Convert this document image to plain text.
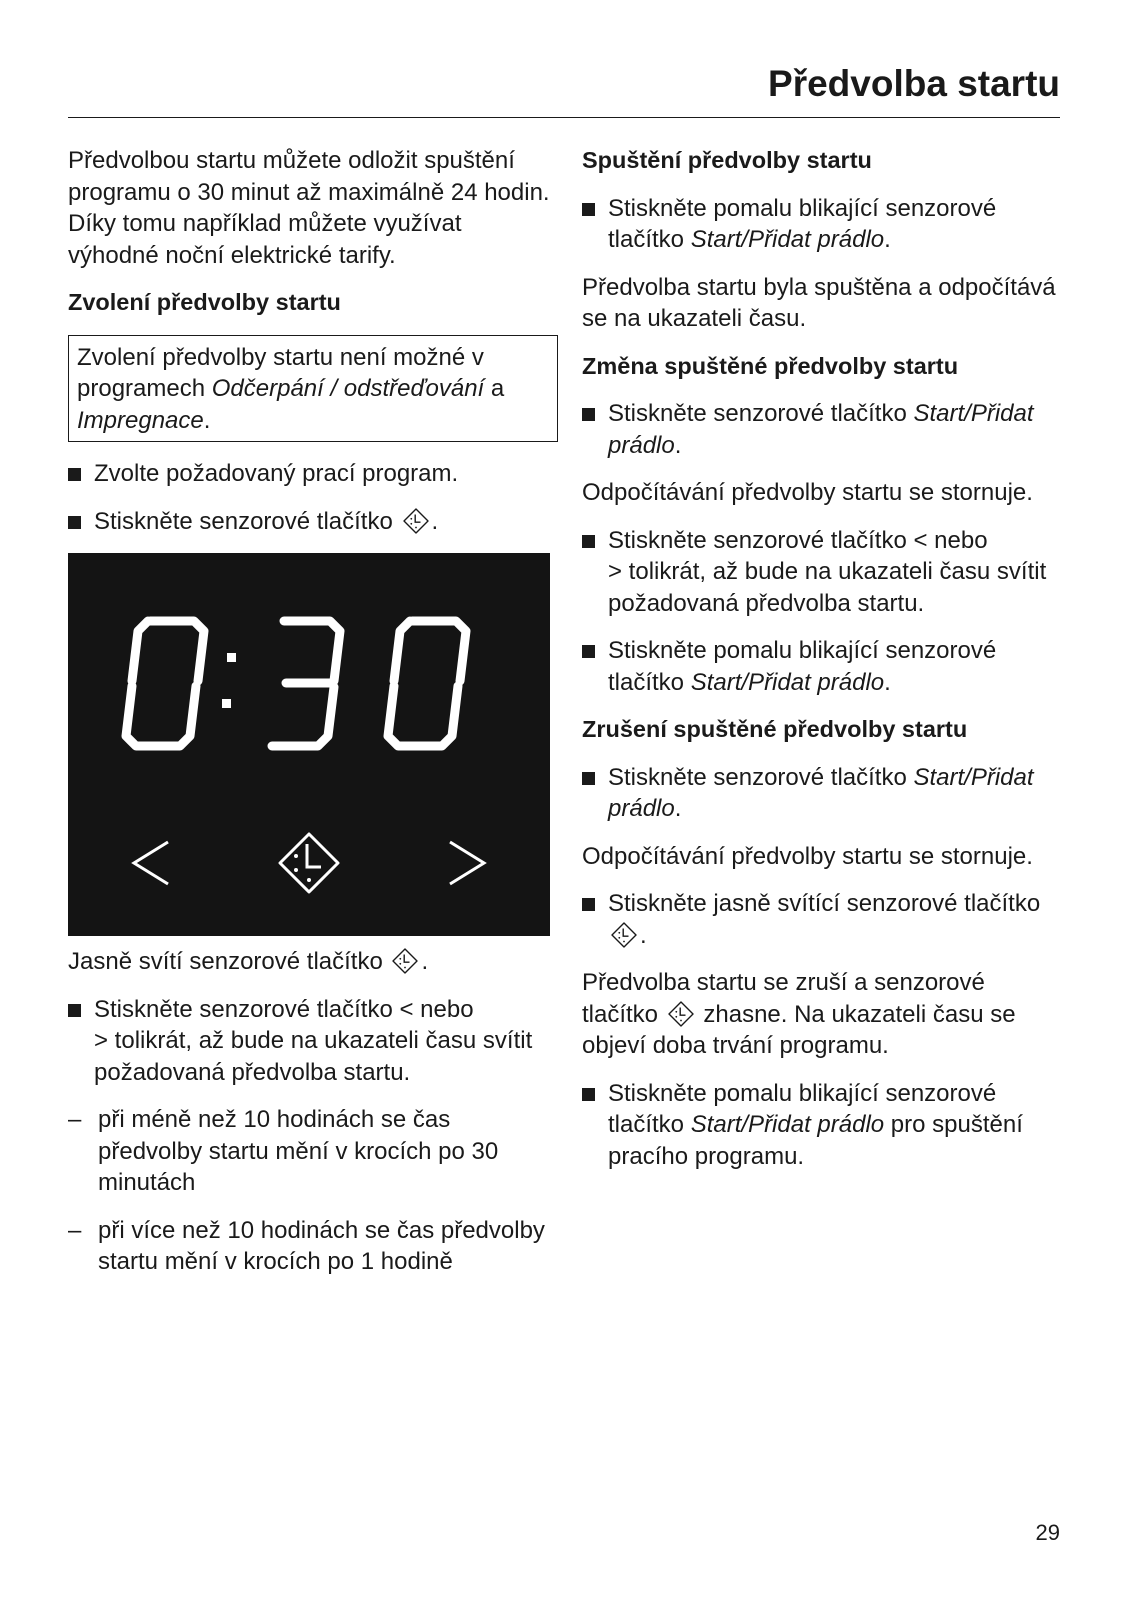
Předvolba startu

Předvolbou startu můžete odložit spuštění programu o 30 minut až maximálně 24 hodin. Díky tomu například můžete využívat výhodné noční elektrické tarify.

Zvolení předvolby startu
Zvolení předvolby startu není možné v programech Odčerpání / odstřeďování a Impregnace.
Zvolte požadovaný prací program.
Stiskněte senzorové tlačítko .

Jasně svítí senzorové tlačítko .

Stiskněte senzorové tlačítko < nebo
> tolikrát, až bude na ukazateli času svítit požadovaná předvolba startu.
– při méně než 10 hodinách se čas předvolby startu mění v krocích po 30 minutách
– při více než 10 hodinách se čas předvolby startu mění v krocích po 1 hodině
Spuštění předvolby startu
Stiskněte pomalu blikající senzorové tlačítko Start/Přidat prádlo.

Předvolba startu byla spuštěna a odpočítává se na ukazateli času.

Změna spuštěné předvolby startu
Stiskněte senzorové tlačítko Start/Přidat prádlo.

Odpočítávání předvolby startu se stornuje.

Stiskněte senzorové tlačítko < nebo
> tolikrát, až bude na ukazateli času svítit požadovaná předvolba startu.
Stiskněte pomalu blikající senzorové tlačítko Start/Přidat prádlo.
Zrušení spuštěné předvolby startu
Stiskněte senzorové tlačítko Start/Přidat prádlo.

Odpočítávání předvolby startu se stornuje.

Stiskněte jasně svítící senzorové tlačítko
.

Předvolba startu se zruší a senzorové tlačítko zhasne. Na ukazateli času se objeví doba trvání programu.

Stiskněte pomalu blikající senzorové tlačítko Start/Přidat prádlo pro spuštění pracího programu.
29
